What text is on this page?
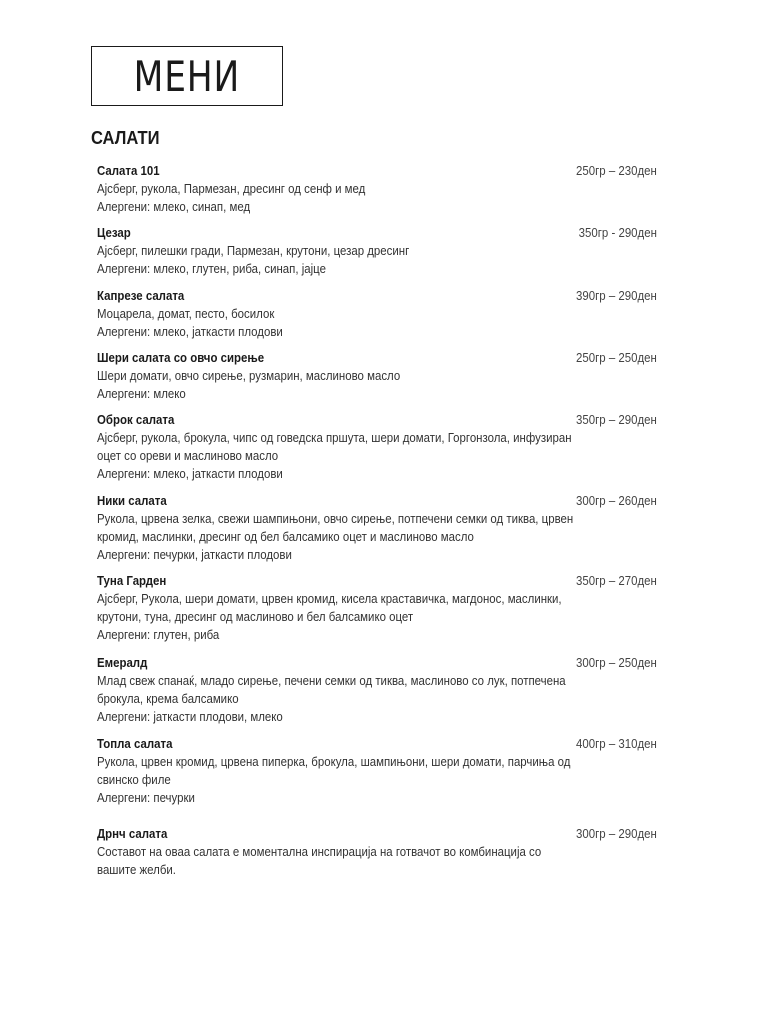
МЕНИ
САЛАТИ
Салата 101	250гр – 230ден
Ајсберг, рукола, Пармезан, дресинг од сенф и мед
Алергени: млеко, синап, мед
Цезар	350гр - 290ден
Ајсберг, пилешки гради, Пармезан, крутони, цезар дресинг
Алергени: млеко, глутен, риба, синап, јајце
Капрезе салата	390гр – 290ден
Моцарела, домат, песто, босилок
Алергени: млеко, јаткасти плодови
Шери салата со овчо сирење	250гр – 250ден
Шери домати, овчо сирење, рузмарин, маслиново масло
Алергени: млеко
Оброк салата	350гр – 290ден
Ајсберг, рукола, брокула, чипс од говедска пршута, шери домати, Горгонзола, инфузиран
оцет со ореви и маслиново масло
Алергени: млеко, јаткасти плодови
Ники салата	300гр – 260ден
Рукола, црвена зелка, свежи шампињони, овчо сирење, потпечени семки од тиква, црвен
кромид, маслинки, дресинг од бел балсамико оцет и маслиново масло
Алергени: печурки, јаткасти плодови
Туна Гарден	350гр – 270ден
Ајсберг, Рукола, шери домати, црвен кромид, кисела краставичка, магдонос, маслинки,
крутони, туна, дресинг од маслиново и бел балсамико оцет
Алергени: глутен, риба
Емералд	300гр – 250ден
Млад свеж спанаќ, младо сирење, печени семки од тиква, маслиново со лук, потпечена
брокула, крема балсамико
Алергени: јаткасти плодови, млеко
Топла салата	400гр – 310ден
Рукола, црвен кромид, црвена пиперка, брокула, шампињони, шери домати, парчиња од
свинско филе
Алергени: печурки
Дрнч салата	300гр – 290ден
Составот на оваа салата е моментална инспирација на готвачот во комбинација со
вашите желби.
